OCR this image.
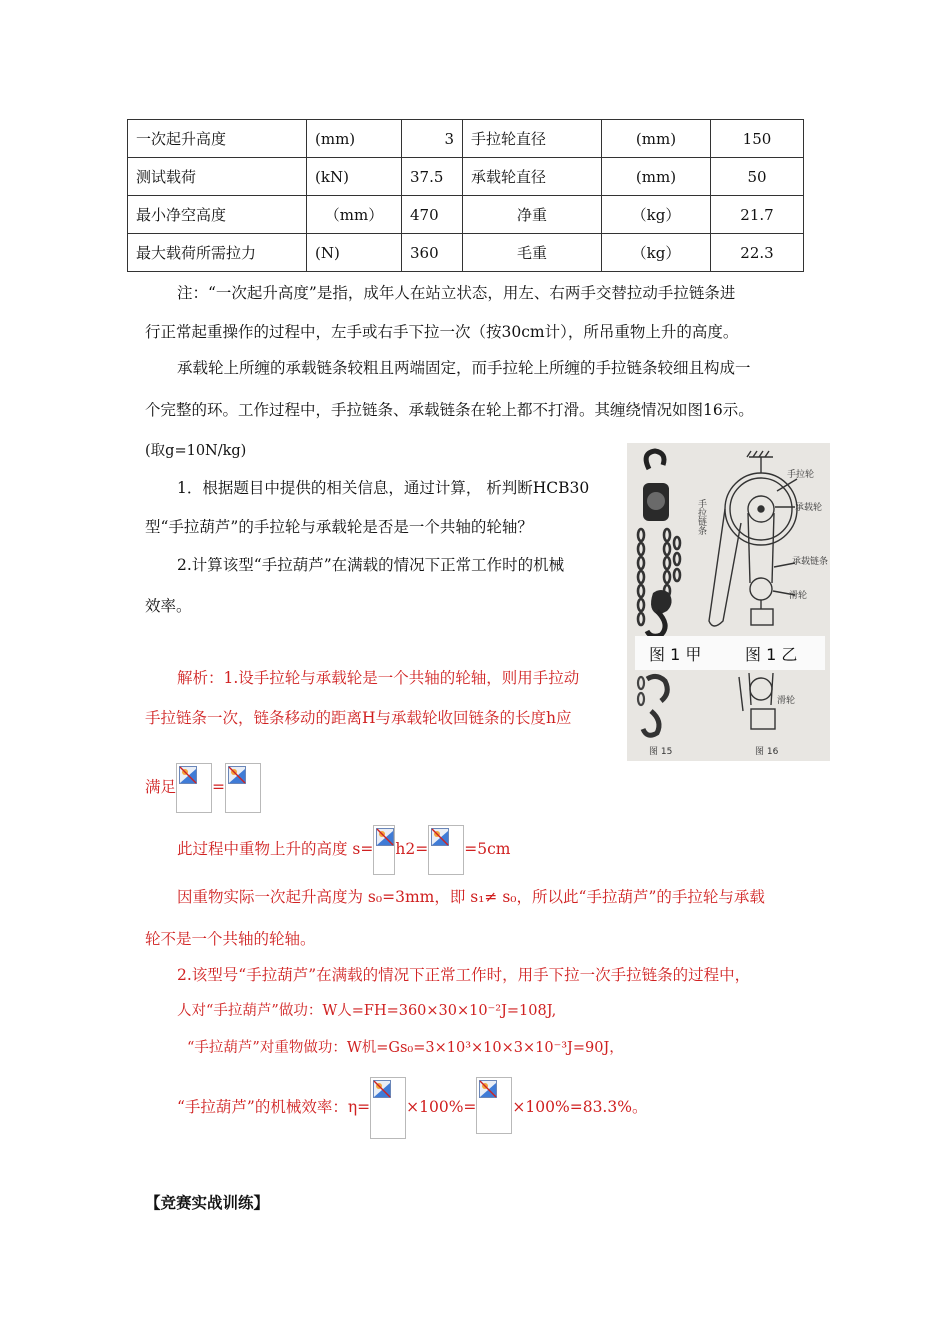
一次起升高度	(mm)	3	手拉轮直径	(mm)	150
测试载荷	(kN)	37.5	承载轮直径	(mm)	50
最小净空高度	（mm）	470	净重	（kg）	21.7
最大载荷所需拉力	(N)	360	毛重	（kg）	22.3
注：“一次起升高度”是指，成年人在站立状态，用左、右两手交替拉动手拉链条进
行正常起重操作的过程中，左手或右手下拉一次（按30cm计），所吊重物上升的高度。
承载轮上所缠的承载链条较粗且两端固定，而手拉轮上所缠的手拉链条较细且构成一
个完整的环。工作过程中，手拉链条、承载链条在轮上都不打滑。其缠绕情况如图16示。
(取g=10N/kg)
1．根据题目中提供的相关信息，通过计算， 析判断HCB30
型“手拉葫芦”的手拉轮与承载轮是否是一个共轴的轮轴？
2.计算该型“手拉葫芦”在满载的情况下正常工作时的机械
效率。
解析：1.设手拉轮与承载轮是一个共轴的轮轴，则用手拉动
手拉链条一次，链条移动的距离H与承载轮收回链条的长度h应
满足 =
此过程中重物上升的高度 s= h2= =5cm
因重物实际一次起升高度为 s₀=3mm，即 s₁≠ s₀，所以此“手拉葫芦”的手拉轮与承载
轮不是一个共轴的轮轴。
2.该型号“手拉葫芦”在满载的情况下正常工作时，用手下拉一次手拉链条的过程中，
人对“手拉葫芦”做功：W人=FH=360×30×10⁻²J=108J,
“手拉葫芦”对重物做功：W机=Gs₀=3×10³×10×3×10⁻³J=90J，
“手拉葫芦”的机械效率：η= ×100%= ×100%=83.3%。
【竞赛实战训练】
手拉轮
承载轮
承载链条
滑轮
滑轮
手拉链条
图 15	图 16
图 1 甲	图 1 乙
